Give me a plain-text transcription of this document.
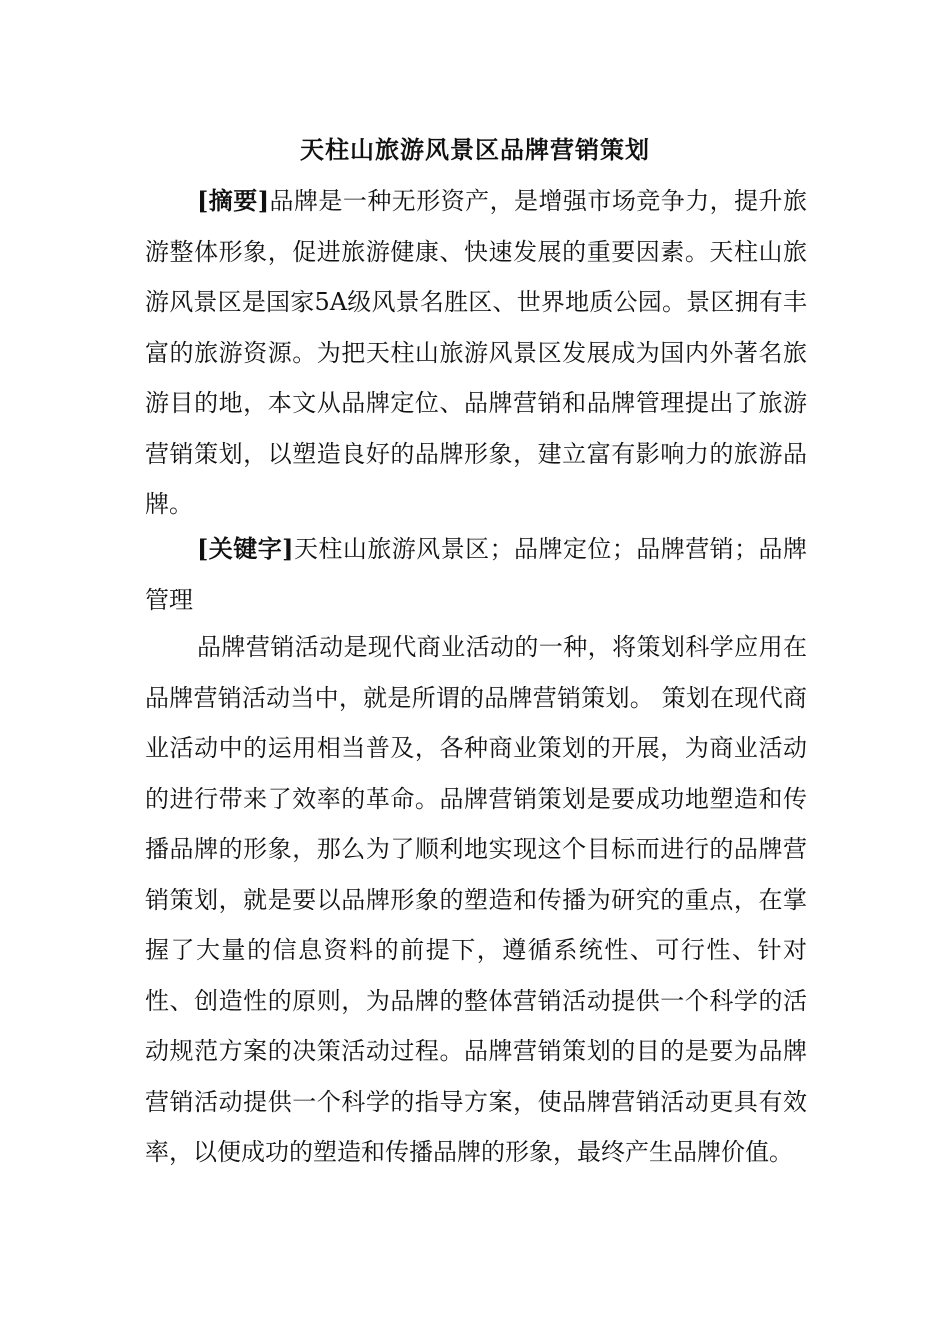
天柱山旅游风景区品牌营销策划

[摘要]品牌是一种无形资产，是增强市场竞争力，提升旅游整体形象，促进旅游健康、快速发展的重要因素。天柱山旅游风景区是国家5A级风景名胜区、世界地质公园。景区拥有丰富的旅游资源。为把天柱山旅游风景区发展成为国内外著名旅游目的地，本文从品牌定位、品牌营销和品牌管理提出了旅游营销策划，以塑造良好的品牌形象，建立富有影响力的旅游品牌。

[关键字]天柱山旅游风景区；品牌定位；品牌营销；品牌管理

品牌营销活动是现代商业活动的一种，将策划科学应用在品牌营销活动当中，就是所谓的品牌营销策划。 策划在现代商业活动中的运用相当普及，各种商业策划的开展，为商业活动的进行带来了效率的革命。品牌营销策划是要成功地塑造和传播品牌的形象，那么为了顺利地实现这个目标而进行的品牌营销策划，就是要以品牌形象的塑造和传播为研究的重点，在掌握了大量的信息资料的前提下，遵循系统性、可行性、针对性、创造性的原则，为品牌的整体营销活动提供一个科学的活动规范方案的决策活动过程。品牌营销策划的目的是要为品牌营销活动提供一个科学的指导方案，使品牌营销活动更具有效率，以便成功的塑造和传播品牌的形象，最终产生品牌价值。
